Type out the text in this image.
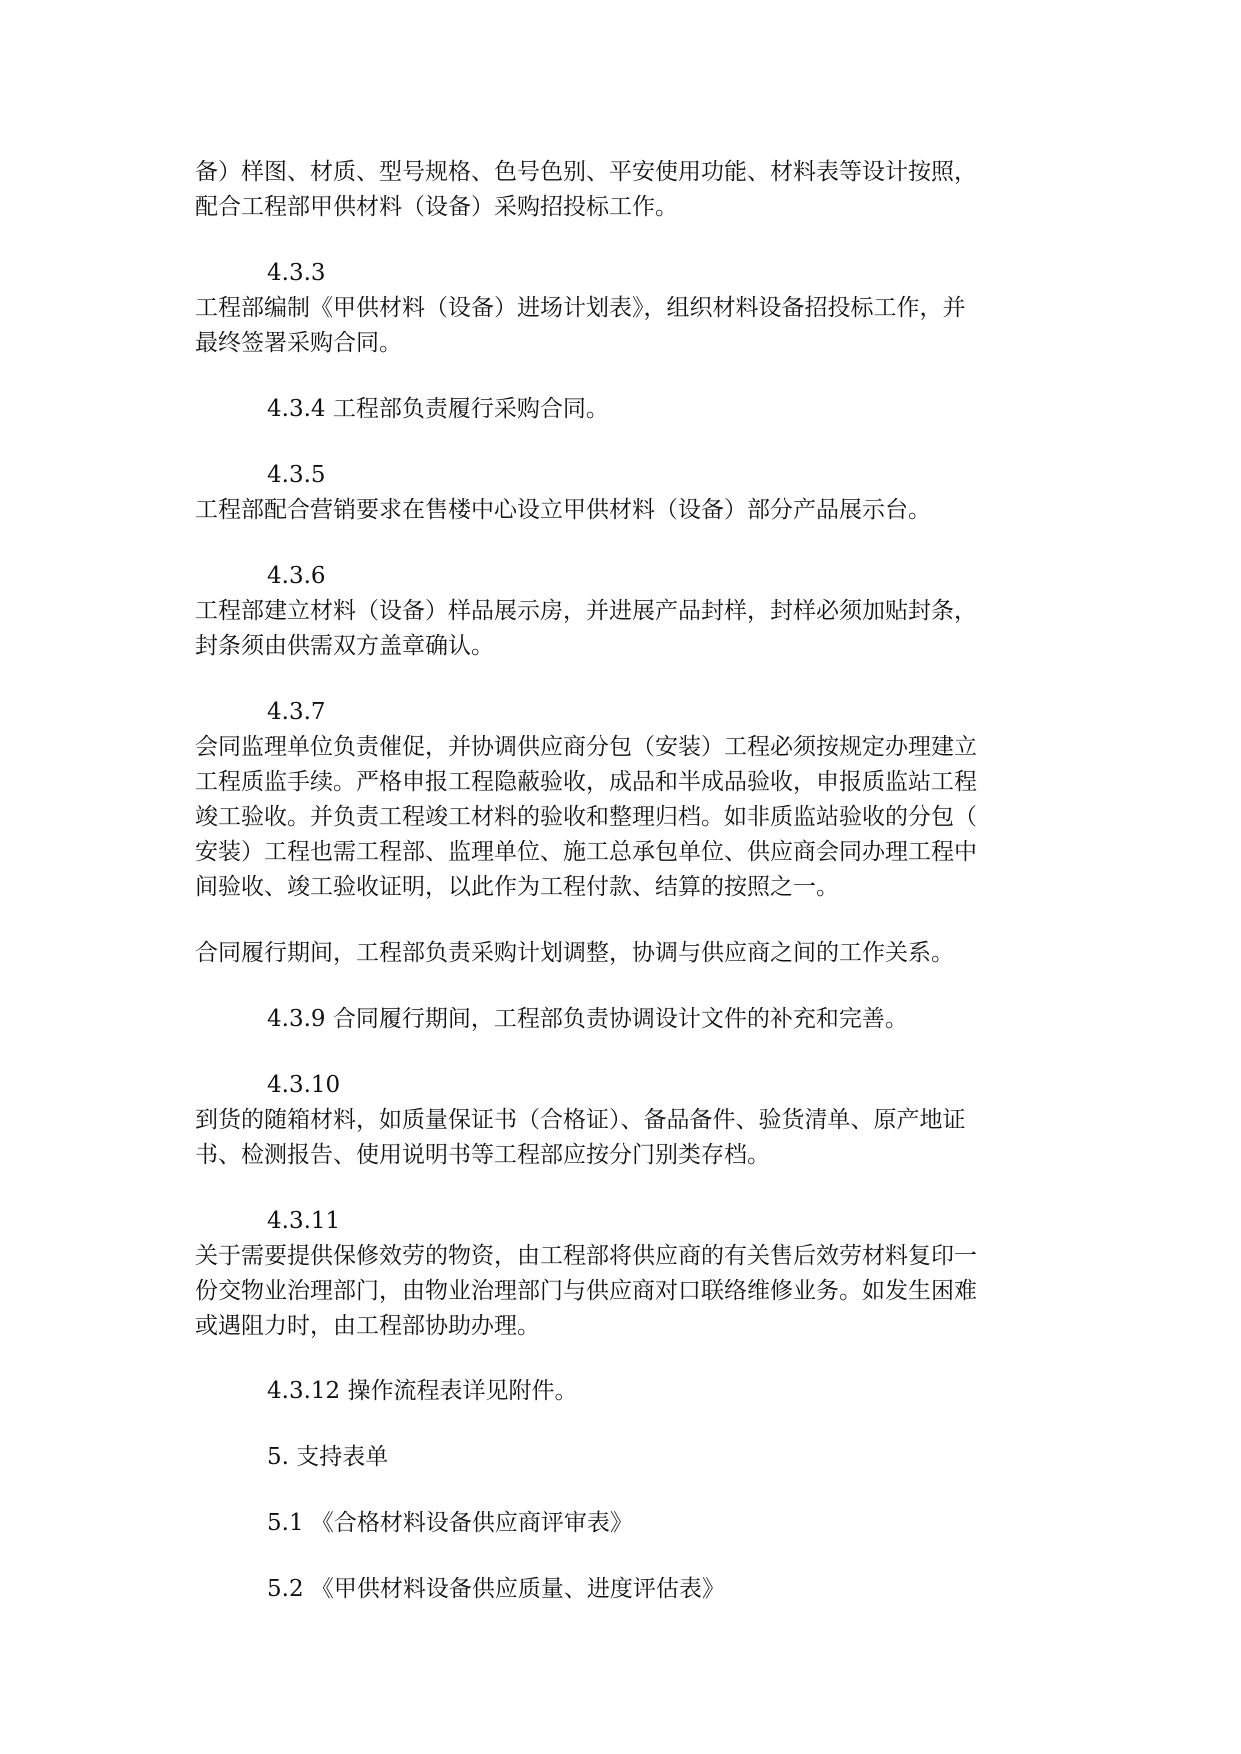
备）样图、材质、型号规格、色号色别、平安使用功能、材料表等设计按照，
配合工程部甲供材料（设备）采购招投标工作。
4.3.3
工程部编制《甲供材料（设备）进场计划表》，组织材料设备招投标工作，并
最终签署采购合同。
4.3.4 工程部负责履行采购合同。
4.3.5
工程部配合营销要求在售楼中心设立甲供材料（设备）部分产品展示台。
4.3.6
工程部建立材料（设备）样品展示房，并进展产品封样，封样必须加贴封条，
封条须由供需双方盖章确认。
4.3.7
会同监理单位负责催促，并协调供应商分包（安装）工程必须按规定办理建立
工程质监手续。严格申报工程隐蔽验收，成品和半成品验收，申报质监站工程
竣工验收。并负责工程竣工材料的验收和整理归档。如非质监站验收的分包（
安装）工程也需工程部、监理单位、施工总承包单位、供应商会同办理工程中
间验收、竣工验收证明，以此作为工程付款、结算的按照之一。
合同履行期间，工程部负责采购计划调整，协调与供应商之间的工作关系。
4.3.9 合同履行期间，工程部负责协调设计文件的补充和完善。
4.3.10
到货的随箱材料，如质量保证书（合格证）、备品备件、验货清单、原产地证
书、检测报告、使用说明书等工程部应按分门别类存档。
4.3.11
关于需要提供保修效劳的物资，由工程部将供应商的有关售后效劳材料复印一
份交物业治理部门，由物业治理部门与供应商对口联络维修业务。如发生困难
或遇阻力时，由工程部协助办理。
4.3.12 操作流程表详见附件。
5. 支持表单
5.1 《合格材料设备供应商评审表》
5.2 《甲供材料设备供应质量、进度评估表》
